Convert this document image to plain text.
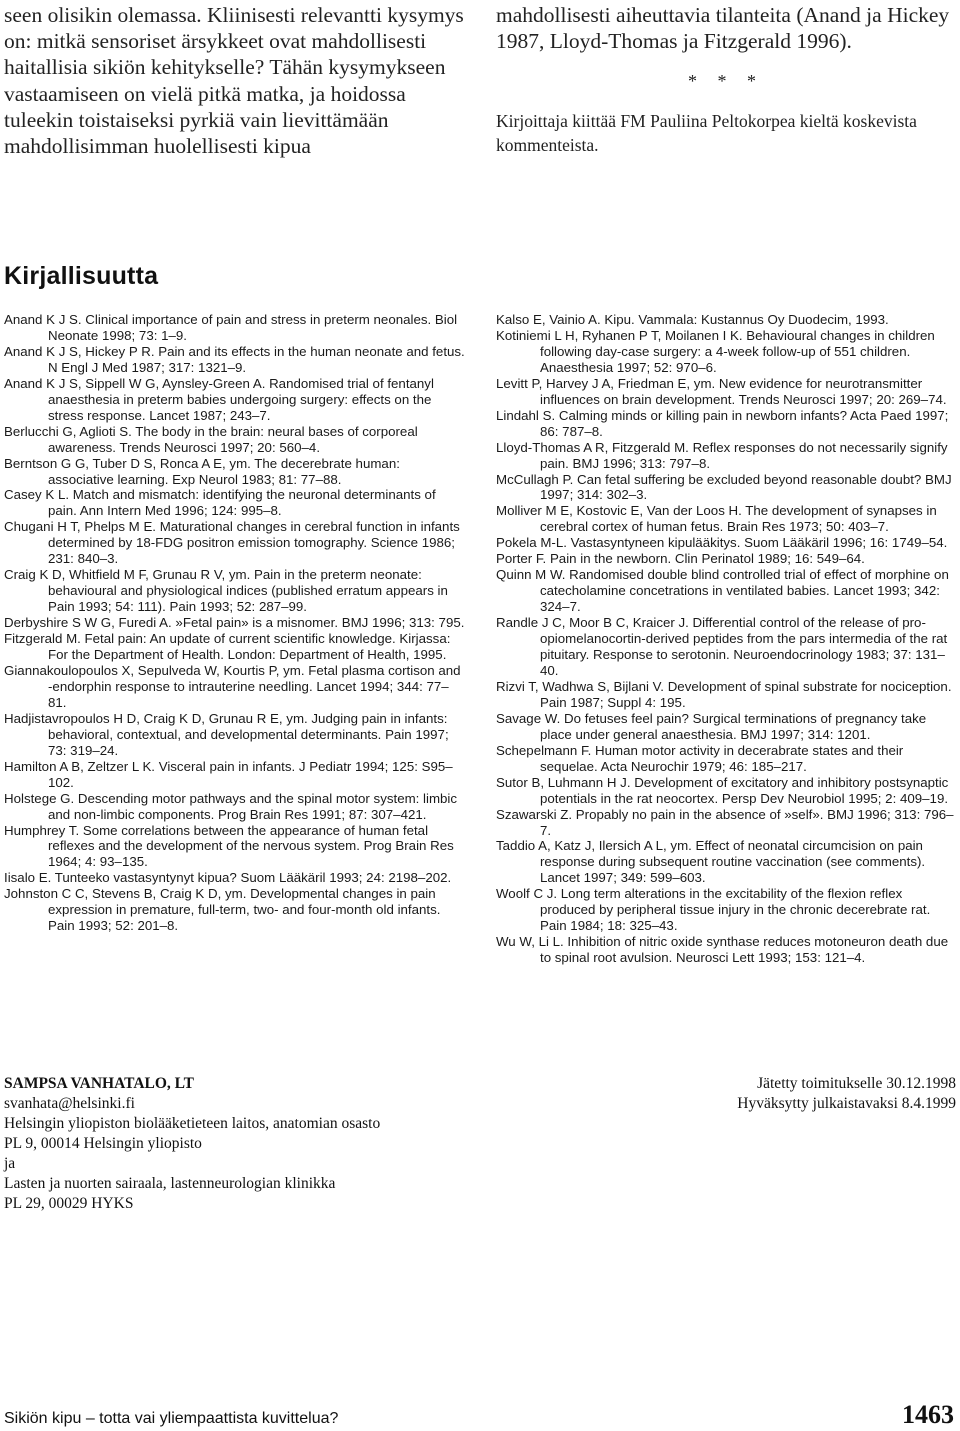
seen olisikin olemassa. Kliinisesti relevantti kysymys on: mitkä sensoriset ärsykkeet ovat mahdollisesti haitallisia sikiön kehitykselle? Tähän kysymykseen vastaamiseen on vielä pitkä matka, ja hoidossa tuleekin toistaiseksi pyrkiä vain lievittämään mahdollisimman huolellisesti kipua

mahdollisesti aiheuttavia tilanteita (Anand ja Hickey 1987, Lloyd-Thomas ja Fitzgerald 1996).

* * *

Kirjoittaja kiittää FM Pauliina Peltokorpea kieltä koskevista kommenteista.

Kirjallisuutta
Anand K J S. Clinical importance of pain and stress in preterm neonales. Biol Neonate 1998; 73: 1–9.
Anand K J S, Hickey P R. Pain and its effects in the human neonate and fetus. N Engl J Med 1987; 317: 1321–9.
Anand K J S, Sippell W G, Aynsley-Green A. Randomised trial of fentanyl anaesthesia in preterm babies undergoing surgery: effects on the stress response. Lancet 1987; 243–7.
Berlucchi G, Aglioti S. The body in the brain: neural bases of corporeal awareness. Trends Neurosci 1997; 20: 560–4.
Berntson G G, Tuber D S, Ronca A E, ym. The decerebrate human: associative learning. Exp Neurol 1983; 81: 77–88.
Casey K L. Match and mismatch: identifying the neuronal determinants of pain. Ann Intern Med 1996; 124: 995–8.
Chugani H T, Phelps M E. Maturational changes in cerebral function in infants determined by 18-FDG positron emission tomography. Science 1986; 231: 840–3.
Craig K D, Whitfield M F, Grunau R V, ym. Pain in the preterm neonate: behavioural and physiological indices (published erratum appears in Pain 1993; 54: 111). Pain 1993; 52: 287–99.
Derbyshire S W G, Furedi A. »Fetal pain» is a misnomer. BMJ 1996; 313: 795.
Fitzgerald M. Fetal pain: An update of current scientific knowledge. Kirjassa: For the Department of Health. London: Department of Health, 1995.
Giannakoulopoulos X, Sepulveda W, Kourtis P, ym. Fetal plasma cortison and -endorphin response to intrauterine needling. Lancet 1994; 344: 77–81.
Hadjistavropoulos H D, Craig K D, Grunau R E, ym. Judging pain in infants: behavioral, contextual, and developmental determinants. Pain 1997; 73: 319–24.
Hamilton A B, Zeltzer L K. Visceral pain in infants. J Pediatr 1994; 125: S95–102.
Holstege G. Descending motor pathways and the spinal motor system: limbic and non-limbic components. Prog Brain Res 1991; 87: 307–421.
Humphrey T. Some correlations between the appearance of human fetal reflexes and the development of the nervous system. Prog Brain Res 1964; 4: 93–135.
Iisalo E. Tunteeko vastasyntynyt kipua? Suom Lääkäril 1993; 24: 2198–202.
Johnston C C, Stevens B, Craig K D, ym. Developmental changes in pain expression in premature, full-term, two- and four-month old infants. Pain 1993; 52: 201–8.
Kalso E, Vainio A. Kipu. Vammala: Kustannus Oy Duodecim, 1993.
Kotiniemi L H, Ryhanen P T, Moilanen I K. Behavioural changes in children following day-case surgery: a 4-week follow-up of 551 children. Anaesthesia 1997; 52: 970–6.
Levitt P, Harvey J A, Friedman E, ym. New evidence for neurotransmitter influences on brain development. Trends Neurosci 1997; 20: 269–74.
Lindahl S. Calming minds or killing pain in newborn infants? Acta Paed 1997; 86: 787–8.
Lloyd-Thomas A R, Fitzgerald M. Reflex responses do not necessarily signify pain. BMJ 1996; 313: 797–8.
McCullagh P. Can fetal suffering be excluded beyond reasonable doubt? BMJ 1997; 314: 302–3.
Molliver M E, Kostovic E, Van der Loos H. The development of synapses in cerebral cortex of human fetus. Brain Res 1973; 50: 403–7.
Pokela M-L. Vastasyntyneen kipulääkitys. Suom Lääkäril 1996; 16: 1749–54.
Porter F. Pain in the newborn. Clin Perinatol 1989; 16: 549–64.
Quinn M W. Randomised double blind controlled trial of effect of morphine on catecholamine concetrations in ventilated babies. Lancet 1993; 342: 324–7.
Randle J C, Moor B C, Kraicer J. Differential control of the release of pro-opiomelanocortin-derived peptides from the pars intermedia of the rat pituitary. Response to serotonin. Neuroendocrinology 1983; 37: 131–40.
Rizvi T, Wadhwa S, Bijlani V. Development of spinal substrate for nociception. Pain 1987; Suppl 4: 195.
Savage W. Do fetuses feel pain? Surgical terminations of pregnancy take place under general anaesthesia. BMJ 1997; 314: 1201.
Schepelmann F. Human motor activity in decerabrate states and their sequelae. Acta Neurochir 1979; 46: 185–217.
Sutor B, Luhmann H J. Development of excitatory and inhibitory postsynaptic potentials in the rat neocortex. Persp Dev Neurobiol 1995; 2: 409–19.
Szawarski Z. Propably no pain in the absence of »self». BMJ 1996; 313: 796–7.
Taddio A, Katz J, Ilersich A L, ym. Effect of neonatal circumcision on pain response during subsequent routine vaccination (see comments). Lancet 1997; 349: 599–603.
Woolf C J. Long term alterations in the excitability of the flexion reflex produced by peripheral tissue injury in the chronic decerebrate rat. Pain 1984; 18: 325–43.
Wu W, Li L. Inhibition of nitric oxide synthase reduces motoneuron death due to spinal root avulsion. Neurosci Lett 1993; 153: 121–4.
SAMPSA VANHATALO, LT
svanhata@helsinki.fi
Helsingin yliopiston biolääketieteen laitos, anatomian osasto
PL 9, 00014 Helsingin yliopisto
ja
Lasten ja nuorten sairaala, lastenneurologian klinikka
PL 29, 00029 HYKS
Jätetty toimitukselle 30.12.1998
Hyväksytty julkaistavaksi 8.4.1999
Sikiön kipu – totta vai yliempaattista kuvittelua?	1463
